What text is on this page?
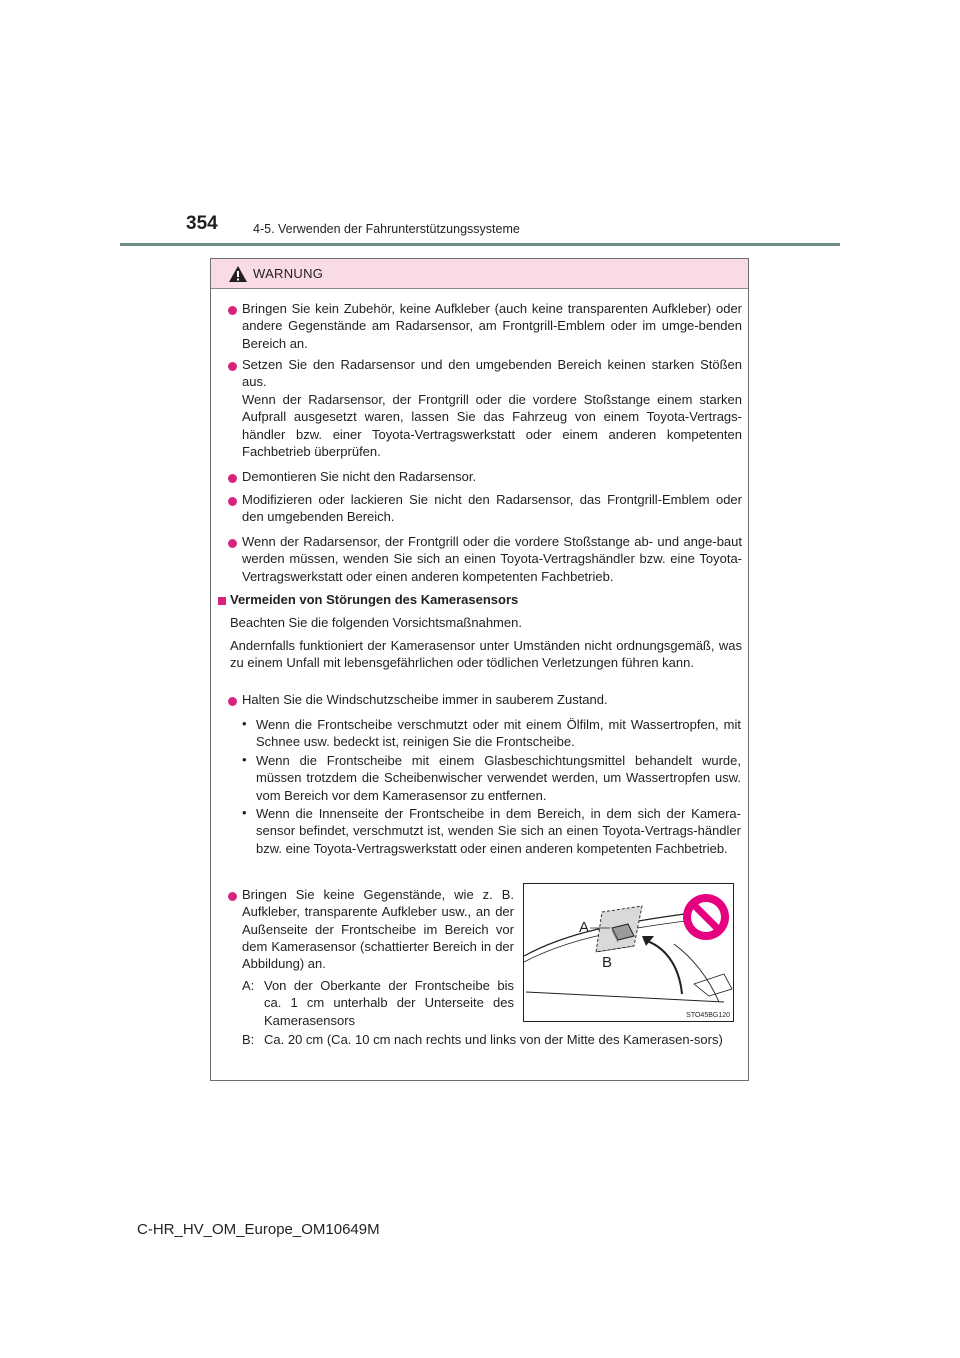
354	4-5. Verwenden der Fahrunterstützungssysteme
WARNUNG
Bringen Sie kein Zubehör, keine Aufkleber (auch keine transparenten Aufkleber) oder andere Gegenstände am Radarsensor, am Frontgrill-Emblem oder im umge-benden Bereich an.
Setzen Sie den Radarsensor und den umgebenden Bereich keinen starken Stößen aus.
Wenn der Radarsensor, der Frontgrill oder die vordere Stoßstange einem starken Aufprall ausgesetzt waren, lassen Sie das Fahrzeug von einem Toyota-Vertrags-händler bzw. einer Toyota-Vertragswerkstatt oder einem anderen kompetenten Fachbetrieb überprüfen.
Demontieren Sie nicht den Radarsensor.
Modifizieren oder lackieren Sie nicht den Radarsensor, das Frontgrill-Emblem oder den umgebenden Bereich.
Wenn der Radarsensor, der Frontgrill oder die vordere Stoßstange ab- und ange-baut werden müssen, wenden Sie sich an einen Toyota-Vertragshändler bzw. eine Toyota-Vertragswerkstatt oder einen anderen kompetenten Fachbetrieb.
Vermeiden von Störungen des Kamerasensors
Beachten Sie die folgenden Vorsichtsmaßnahmen.
Andernfalls funktioniert der Kamerasensor unter Umständen nicht ordnungsgemäß, was zu einem Unfall mit lebensgefährlichen oder tödlichen Verletzungen führen kann.
Halten Sie die Windschutzscheibe immer in sauberem Zustand.
• Wenn die Frontscheibe verschmutzt oder mit einem Ölfilm, mit Wassertropfen, mit Schnee usw. bedeckt ist, reinigen Sie die Frontscheibe.
• Wenn die Frontscheibe mit einem Glasbeschichtungsmittel behandelt wurde, müssen trotzdem die Scheibenwischer verwendet werden, um Wassertropfen usw. vom Bereich vor dem Kamerasensor zu entfernen.
• Wenn die Innenseite der Frontscheibe in dem Bereich, in dem sich der Kamera-sensor befindet, verschmutzt ist, wenden Sie sich an einen Toyota-Vertrags-händler bzw. eine Toyota-Vertragswerkstatt oder einen anderen kompetenten Fachbetrieb.
Bringen Sie keine Gegenstände, wie z. B. Aufkleber, transparente Aufkleber usw., an der Außenseite der Frontscheibe im Bereich vor dem Kamerasensor (schattierter Bereich in der Abbildung) an.
A: Von der Oberkante der Frontscheibe bis ca. 1 cm unterhalb der Unterseite des Kamerasensors
B: Ca. 20 cm (Ca. 10 cm nach rechts und links von der Mitte des Kamerasen-sors)
A
B
STO45BG120
C-HR_HV_OM_Europe_OM10649M
